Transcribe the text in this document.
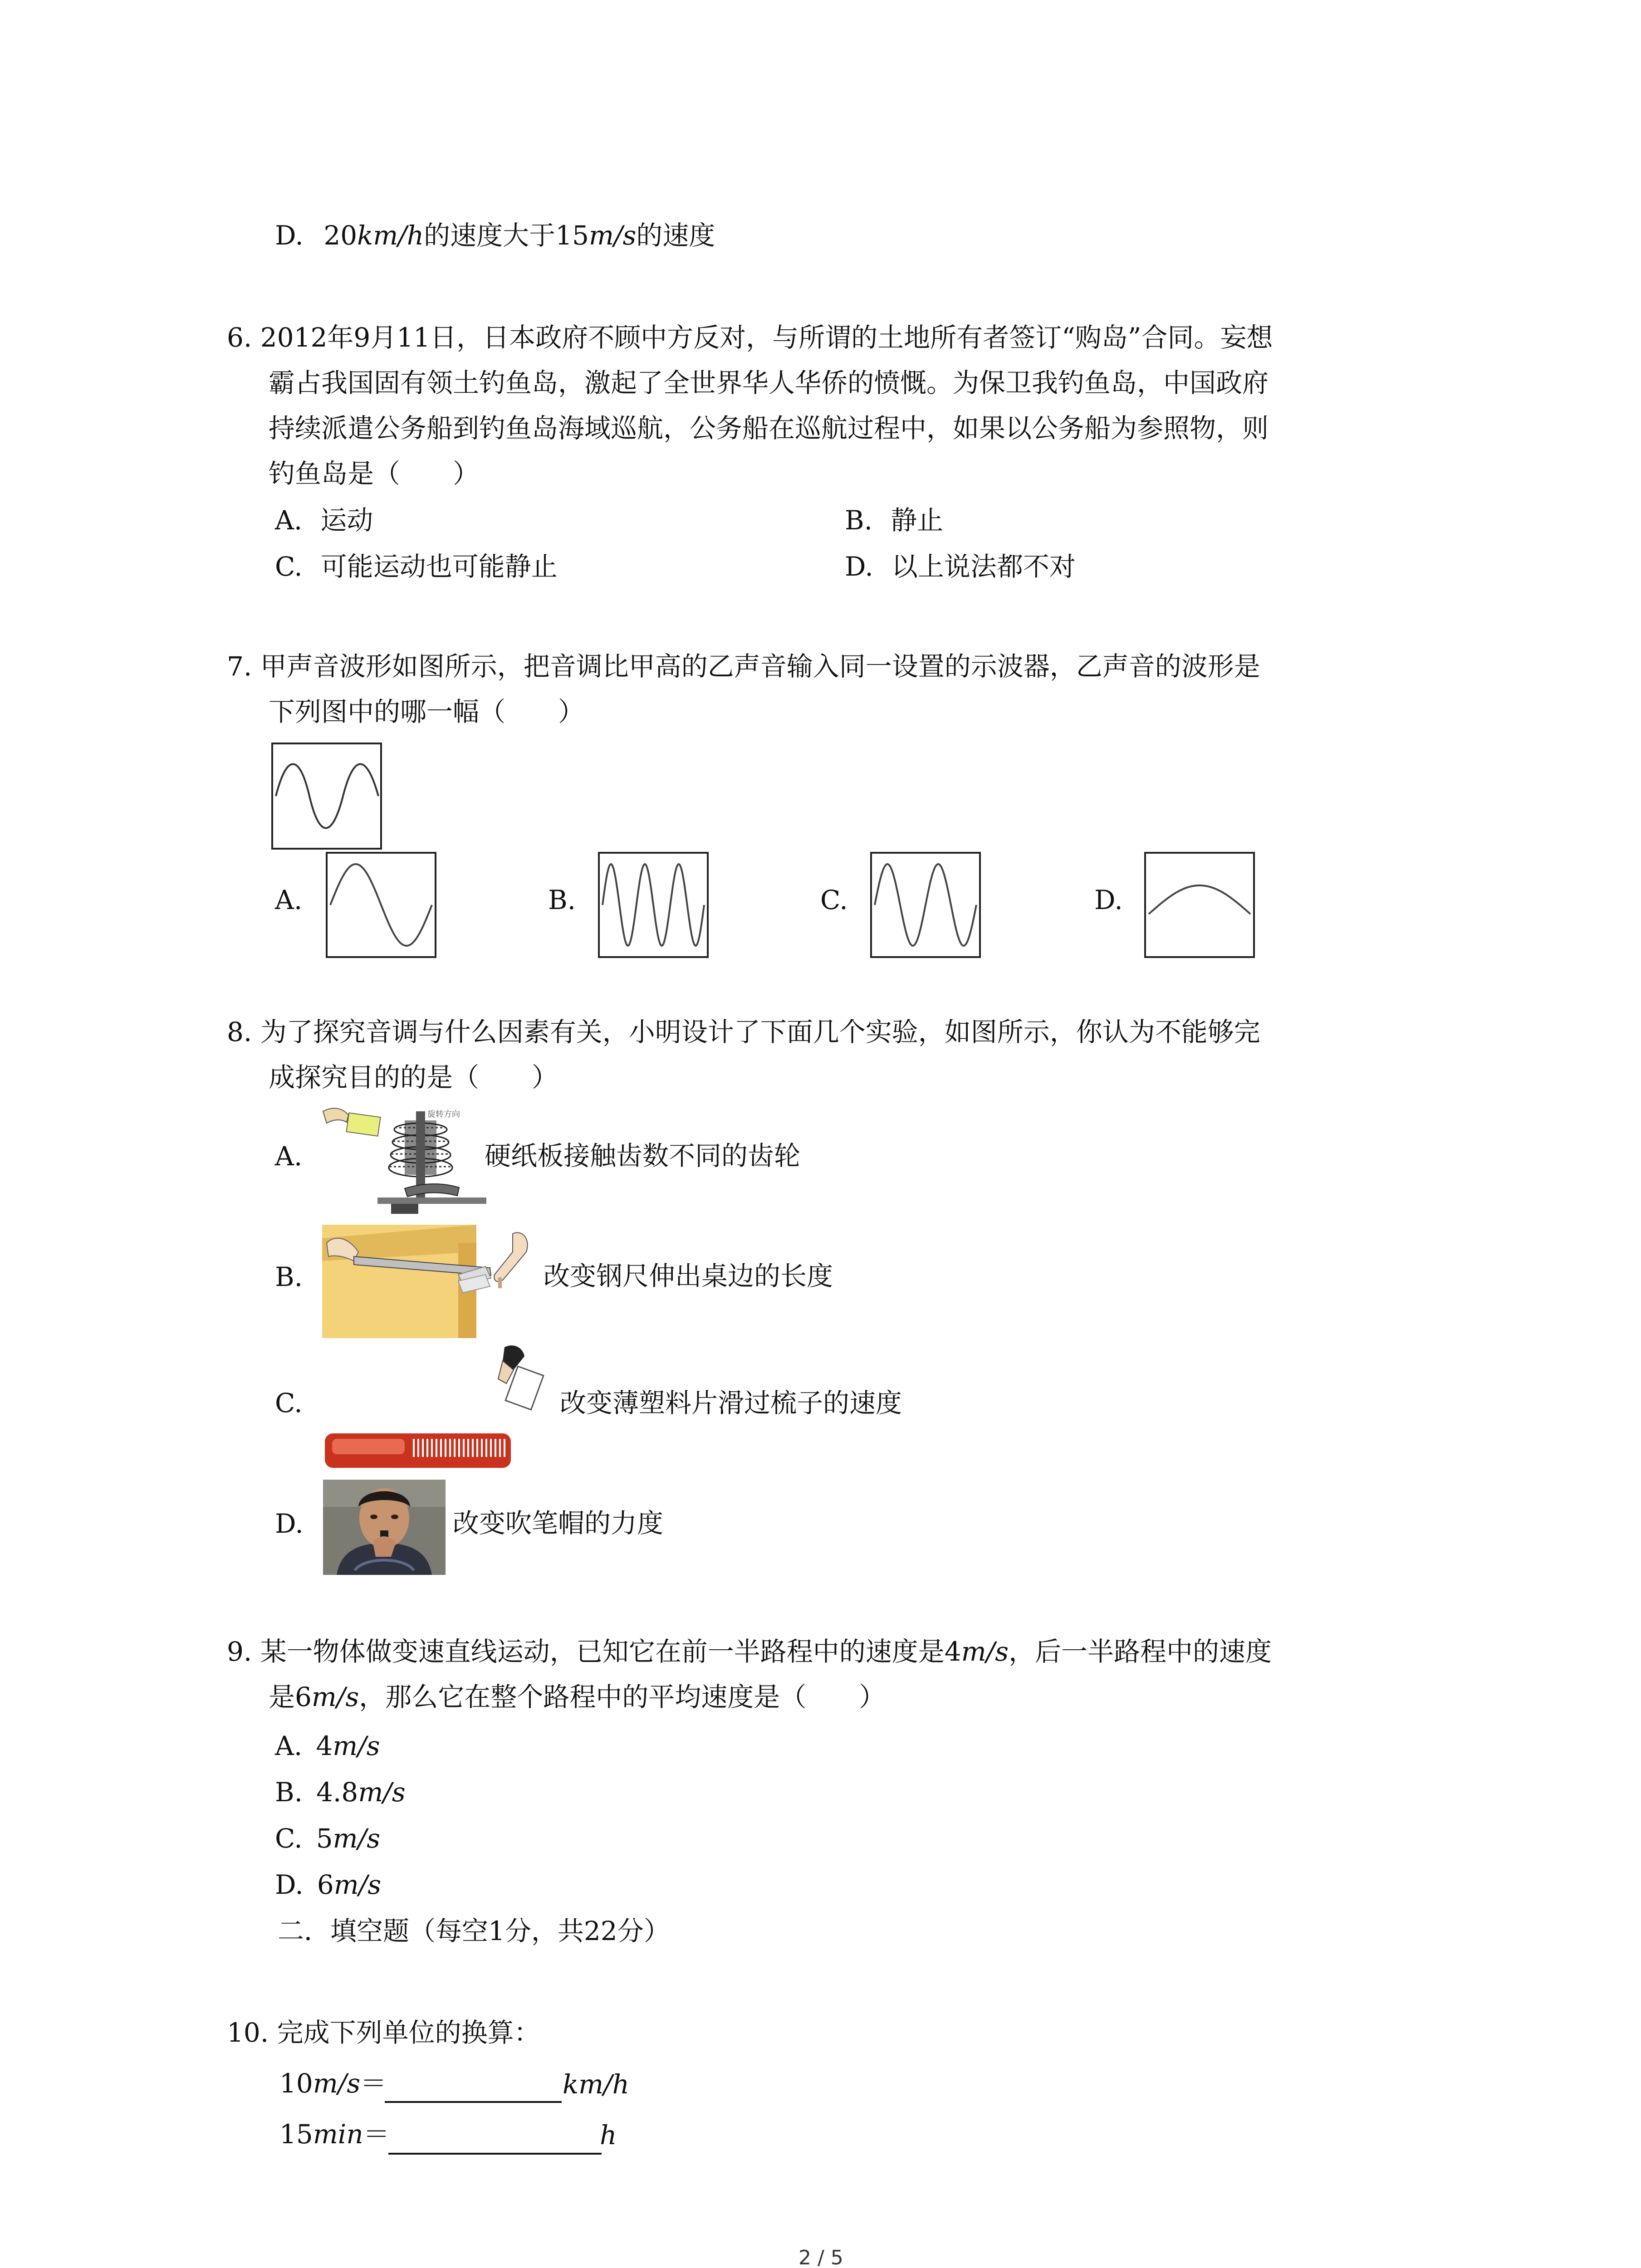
D. 20km/h的速度大于15m/s的速度
6. 2012年9月11日，日本政府不顾中方反对，与所谓的土地所有者签订“购岛”合同。妄想
霸占我国固有领土钓鱼岛，激起了全世界华人华侨的愤慨。为保卫我钓鱼岛，中国政府
持续派遣公务船到钓鱼岛海域巡航，公务船在巡航过程中，如果以公务船为参照物，则
钓鱼岛是（　　）
A. 运动	B. 静止
C. 可能运动也可能静止	D. 以上说法都不对
7. 甲声音波形如图所示，把音调比甲高的乙声音输入同一设置的示波器，乙声音的波形是
下列图中的哪一幅（　　）
A.	B.	C.	D.
8. 为了探究音调与什么因素有关，小明设计了下面几个实验，如图所示，你认为不能够完
成探究目的的是（　　）
A.
旋转方向
硬纸板接触齿数不同的齿轮
B.	改变钢尺伸出桌边的长度
C.	改变薄塑料片滑过梳子的速度
D.	改变吹笔帽的力度
9. 某一物体做变速直线运动，已知它在前一半路程中的速度是4m/s，后一半路程中的速度
是6m/s，那么它在整个路程中的平均速度是（　　）
A. 4m/s
B. 4.8m/s
C. 5m/s
D. 6m/s
二．填空题（每空1分，共22分）
10. 完成下列单位的换算：
10m/s＝	km/h
15min＝	h
2 / 5
